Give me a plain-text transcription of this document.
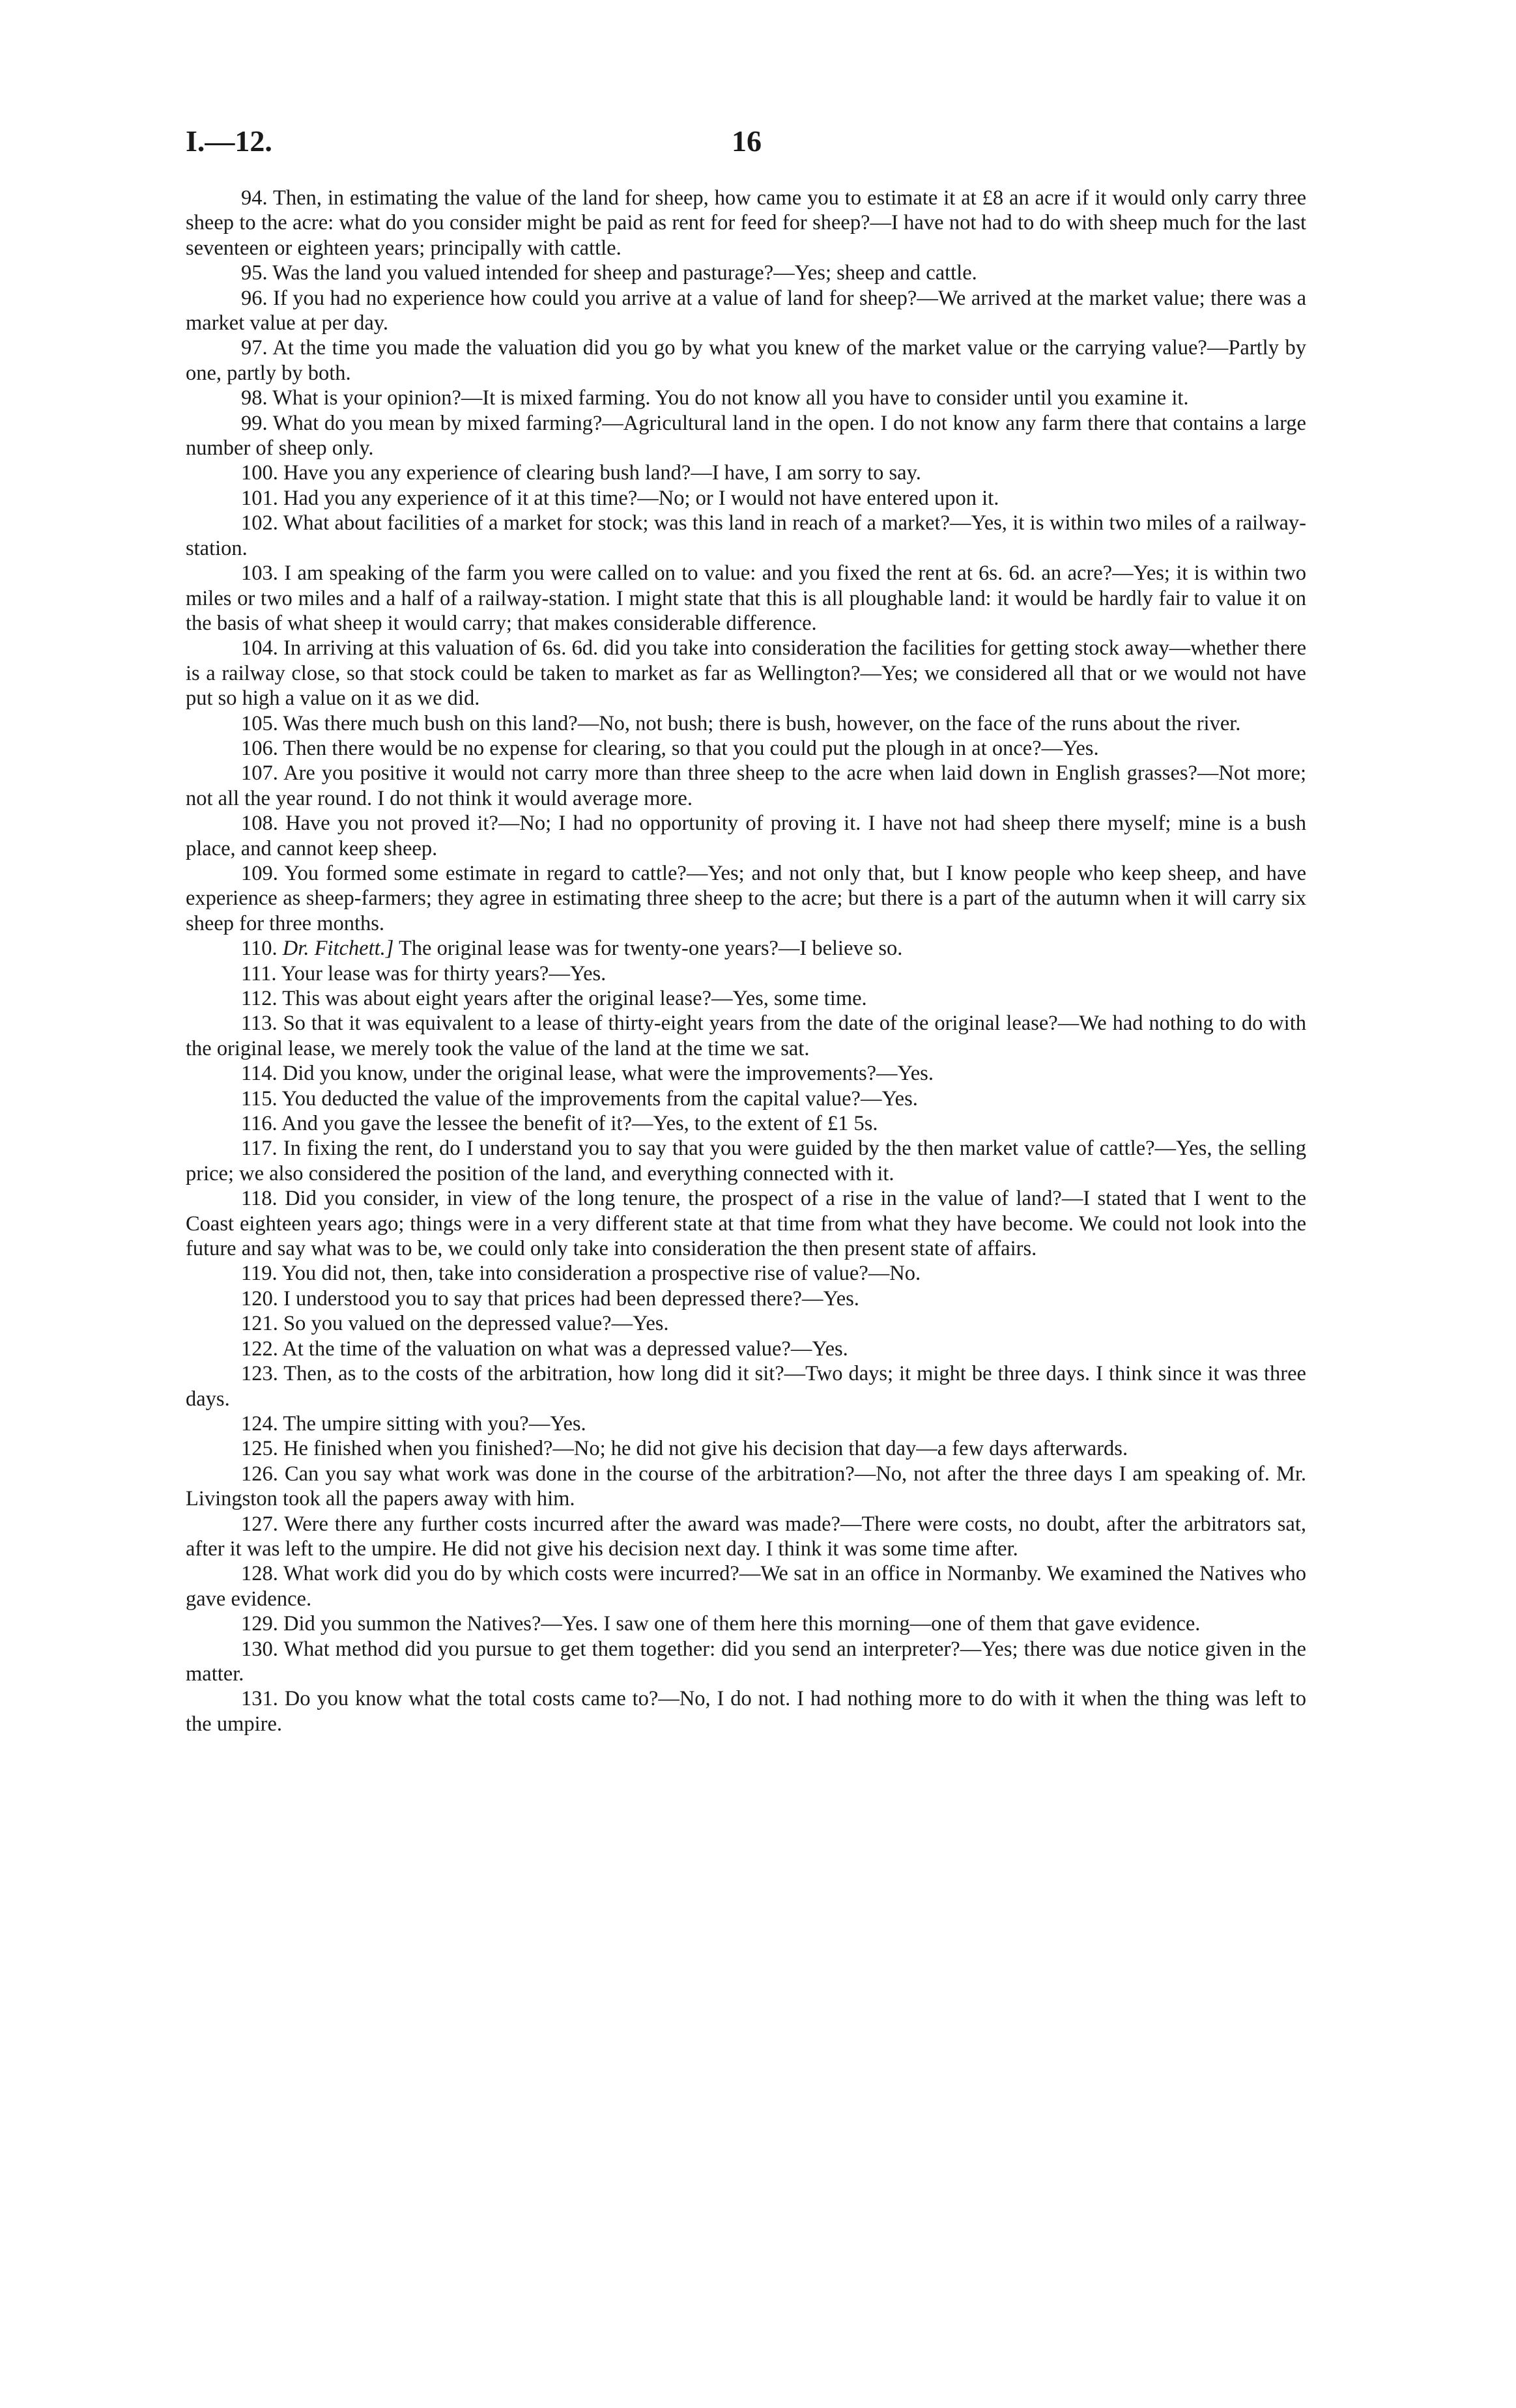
I.—12.	16

94. Then, in estimating the value of the land for sheep, how came you to estimate it at £8 an acre if it would only carry three sheep to the acre: what do you consider might be paid as rent for feed for sheep?—I have not had to do with sheep much for the last seventeen or eighteen years; principally with cattle.

95. Was the land you valued intended for sheep and pasturage?—Yes; sheep and cattle.

96. If you had no experience how could you arrive at a value of land for sheep?—We arrived at the market value; there was a market value at per day.

97. At the time you made the valuation did you go by what you knew of the market value or the carrying value?—Partly by one, partly by both.

98. What is your opinion?—It is mixed farming. You do not know all you have to consider until you examine it.

99. What do you mean by mixed farming?—Agricultural land in the open. I do not know any farm there that contains a large number of sheep only.

100. Have you any experience of clearing bush land?—I have, I am sorry to say.

101. Had you any experience of it at this time?—No; or I would not have entered upon it.

102. What about facilities of a market for stock; was this land in reach of a market?—Yes, it is within two miles of a railway-station.

103. I am speaking of the farm you were called on to value: and you fixed the rent at 6s. 6d. an acre?—Yes; it is within two miles or two miles and a half of a railway-station. I might state that this is all ploughable land: it would be hardly fair to value it on the basis of what sheep it would carry; that makes considerable difference.

104. In arriving at this valuation of 6s. 6d. did you take into consideration the facilities for getting stock away—whether there is a railway close, so that stock could be taken to market as far as Wellington?—Yes; we considered all that or we would not have put so high a value on it as we did.

105. Was there much bush on this land?—No, not bush; there is bush, however, on the face of the runs about the river.

106. Then there would be no expense for clearing, so that you could put the plough in at once?—Yes.

107. Are you positive it would not carry more than three sheep to the acre when laid down in English grasses?—Not more; not all the year round. I do not think it would average more.

108. Have you not proved it?—No; I had no opportunity of proving it. I have not had sheep there myself; mine is a bush place, and cannot keep sheep.

109. You formed some estimate in regard to cattle?—Yes; and not only that, but I know people who keep sheep, and have experience as sheep-farmers; they agree in estimating three sheep to the acre; but there is a part of the autumn when it will carry six sheep for three months.

110. Dr. Fitchett.] The original lease was for twenty-one years?—I believe so.

111. Your lease was for thirty years?—Yes.

112. This was about eight years after the original lease?—Yes, some time.

113. So that it was equivalent to a lease of thirty-eight years from the date of the original lease?—We had nothing to do with the original lease, we merely took the value of the land at the time we sat.

114. Did you know, under the original lease, what were the improvements?—Yes.

115. You deducted the value of the improvements from the capital value?—Yes.

116. And you gave the lessee the benefit of it?—Yes, to the extent of £1 5s.

117. In fixing the rent, do I understand you to say that you were guided by the then market value of cattle?—Yes, the selling price; we also considered the position of the land, and everything connected with it.

118. Did you consider, in view of the long tenure, the prospect of a rise in the value of land?—I stated that I went to the Coast eighteen years ago; things were in a very different state at that time from what they have become. We could not look into the future and say what was to be, we could only take into consideration the then present state of affairs.

119. You did not, then, take into consideration a prospective rise of value?—No.

120. I understood you to say that prices had been depressed there?—Yes.

121. So you valued on the depressed value?—Yes.

122. At the time of the valuation on what was a depressed value?—Yes.

123. Then, as to the costs of the arbitration, how long did it sit?—Two days; it might be three days. I think since it was three days.

124. The umpire sitting with you?—Yes.

125. He finished when you finished?—No; he did not give his decision that day—a few days afterwards.

126. Can you say what work was done in the course of the arbitration?—No, not after the three days I am speaking of. Mr. Livingston took all the papers away with him.

127. Were there any further costs incurred after the award was made?—There were costs, no doubt, after the arbitrators sat, after it was left to the umpire. He did not give his decision next day. I think it was some time after.

128. What work did you do by which costs were incurred?—We sat in an office in Normanby. We examined the Natives who gave evidence.

129. Did you summon the Natives?—Yes. I saw one of them here this morning—one of them that gave evidence.

130. What method did you pursue to get them together: did you send an interpreter?—Yes; there was due notice given in the matter.

131. Do you know what the total costs came to?—No, I do not. I had nothing more to do with it when the thing was left to the umpire.
